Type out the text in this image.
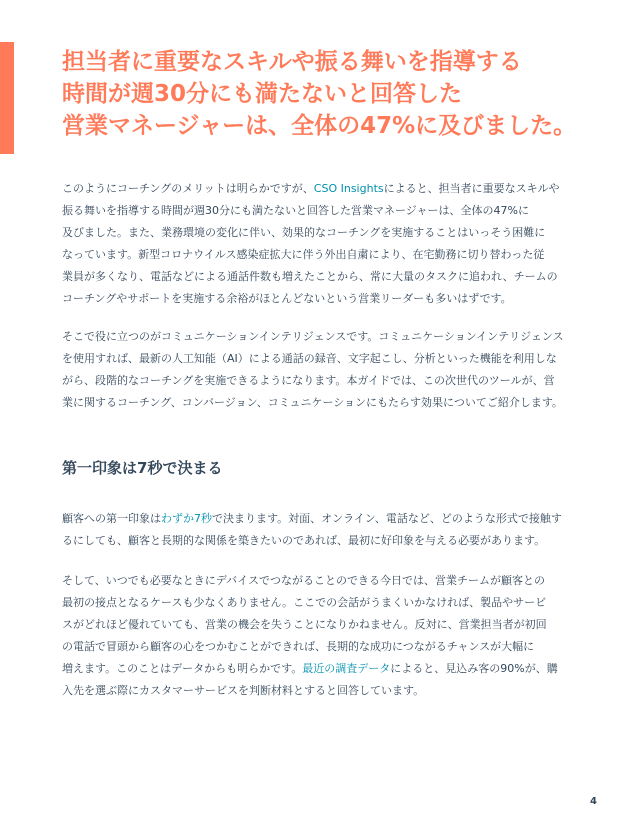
担当者に重要なスキルや振る舞いを指導する
時間が週30分にも満たないと回答した
営業マネージャーは、全体の47%に及びました。

このようにコーチングのメリットは明らかですが、CSO Insightsによると、担当者に重要なスキルや
振る舞いを指導する時間が週30分にも満たないと回答した営業マネージャーは、全体の47%に
及びました。また、業務環境の変化に伴い、効果的なコーチングを実施することはいっそう困難に
なっています。新型コロナウイルス感染症拡大に伴う外出自粛により、在宅勤務に切り替わった従
業員が多くなり、電話などによる通話件数も増えたことから、常に大量のタスクに追われ、チームの
コーチングやサポートを実施する余裕がほとんどないという営業リーダーも多いはずです。

そこで役に立つのがコミュニケーションインテリジェンスです。コミュニケーションインテリジェンス
を使用すれば、最新の人工知能（AI）による通話の録音、文字起こし、分析といった機能を利用しな
がら、段階的なコーチングを実施できるようになります。本ガイドでは、この次世代のツールが、営
業に関するコーチング、コンバージョン、コミュニケーションにもたらす効果についてご紹介します。

第一印象は7秒で決まる

顧客への第一印象はわずか7秒で決まります。対面、オンライン、電話など、どのような形式で接触す
るにしても、顧客と長期的な関係を築きたいのであれば、最初に好印象を与える必要があります。

そして、いつでも必要なときにデバイスでつながることのできる今日では、営業チームが顧客との
最初の接点となるケースも少なくありません。ここでの会話がうまくいかなければ、製品やサービ
スがどれほど優れていても、営業の機会を失うことになりかねません。反対に、営業担当者が初回
の電話で冒頭から顧客の心をつかむことができれば、長期的な成功につながるチャンスが大幅に
増えます。このことはデータからも明らかです。最近の調査データによると、見込み客の90%が、購
入先を選ぶ際にカスタマーサービスを判断材料とすると回答しています。

4
